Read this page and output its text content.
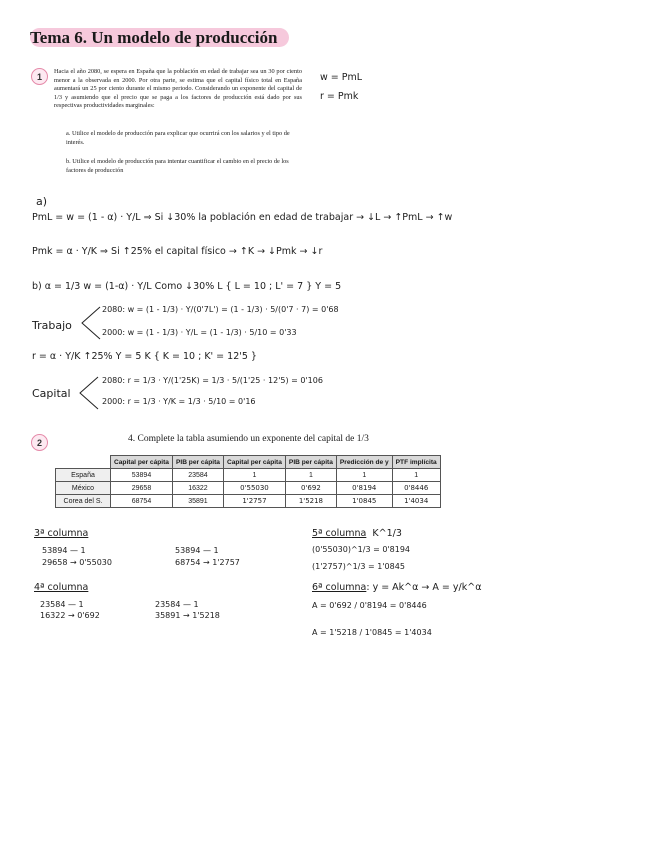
Tema 6. Un modelo de producción
1 Hacia el año 2080, se espera en España que la población en edad de trabajar sea un 30 por ciento menor a la observada en 2000. Por otra parte, se estima que el capital físico total en España aumentará un 25 por ciento durante el mismo periodo. Considerando un exponente del capital de 1/3 y asumiendo que el precio que se paga a los factores de producción está dado por sus respectivas productividades marginales:
a. Utilice el modelo de producción para explicar que ocurrirá con los salarios y el tipo de interés.
b. Utilice el modelo de producción para intentar cuantificar el cambio en el precio de los factores de producción
w = PmL
r = Pmk
a)
PmL = w = (1 - α) · Y/L ⇒ Si ↓30% la población en edad de trabajar → ↓L → ↑PmL → ↑w
Pmk = α · Y/K ⇒ Si ↑25% el capital físico → ↑K → ↓Pmk → ↓r
b) α = 1/3 w = (1-α) · Y/L Como ↓30% L { L = 10 ; L' = 7 } Y = 5
Trabajo
2080: w = (1 - 1/3) · Y/(0'7L') = (1 - 1/3) · 5/(0'7 · 7) = 0'68
2000: w = (1 - 1/3) · Y/L = (1 - 1/3) · 5/10 = 0'33
r = α · Y/K ↑25% Y = 5 K { K = 10 ; K' = 12'5 }
Capital
2080: r = 1/3 · Y/(1'25K) = 1/3 · 5/(1'25 · 12'5) = 0'106
2000: r = 1/3 · Y/K = 1/3 · 5/10 = 0'16
2	4. Complete la tabla asumiendo un exponente del capital de 1/3
	Capital per cápita	PIB per cápita	Capital per cápita	PIB per cápita	Predicción de y	PTF implícita
España	53894	23584	1	1	1	1
México	29658	16322	0'55030	0'692	0'8194	0'8446
Corea del S.	68754	35891	1'2757	1'5218	1'0845	1'4034
3ª columna
53894 — 1
29658 → 0'55030
53894 — 1
68754 → 1'2757
4ª columna
23584 — 1
16322 → 0'692
23584 — 1
35891 → 1'5218
5ª columna K^1/3
(0'55030)^1/3 = 0'8194
(1'2757)^1/3 = 1'0845
6ª columna: y = Ak^α → A = y/k^α
A = 0'692 / 0'8194 = 0'8446
A = 1'5218 / 1'0845 = 1'4034
